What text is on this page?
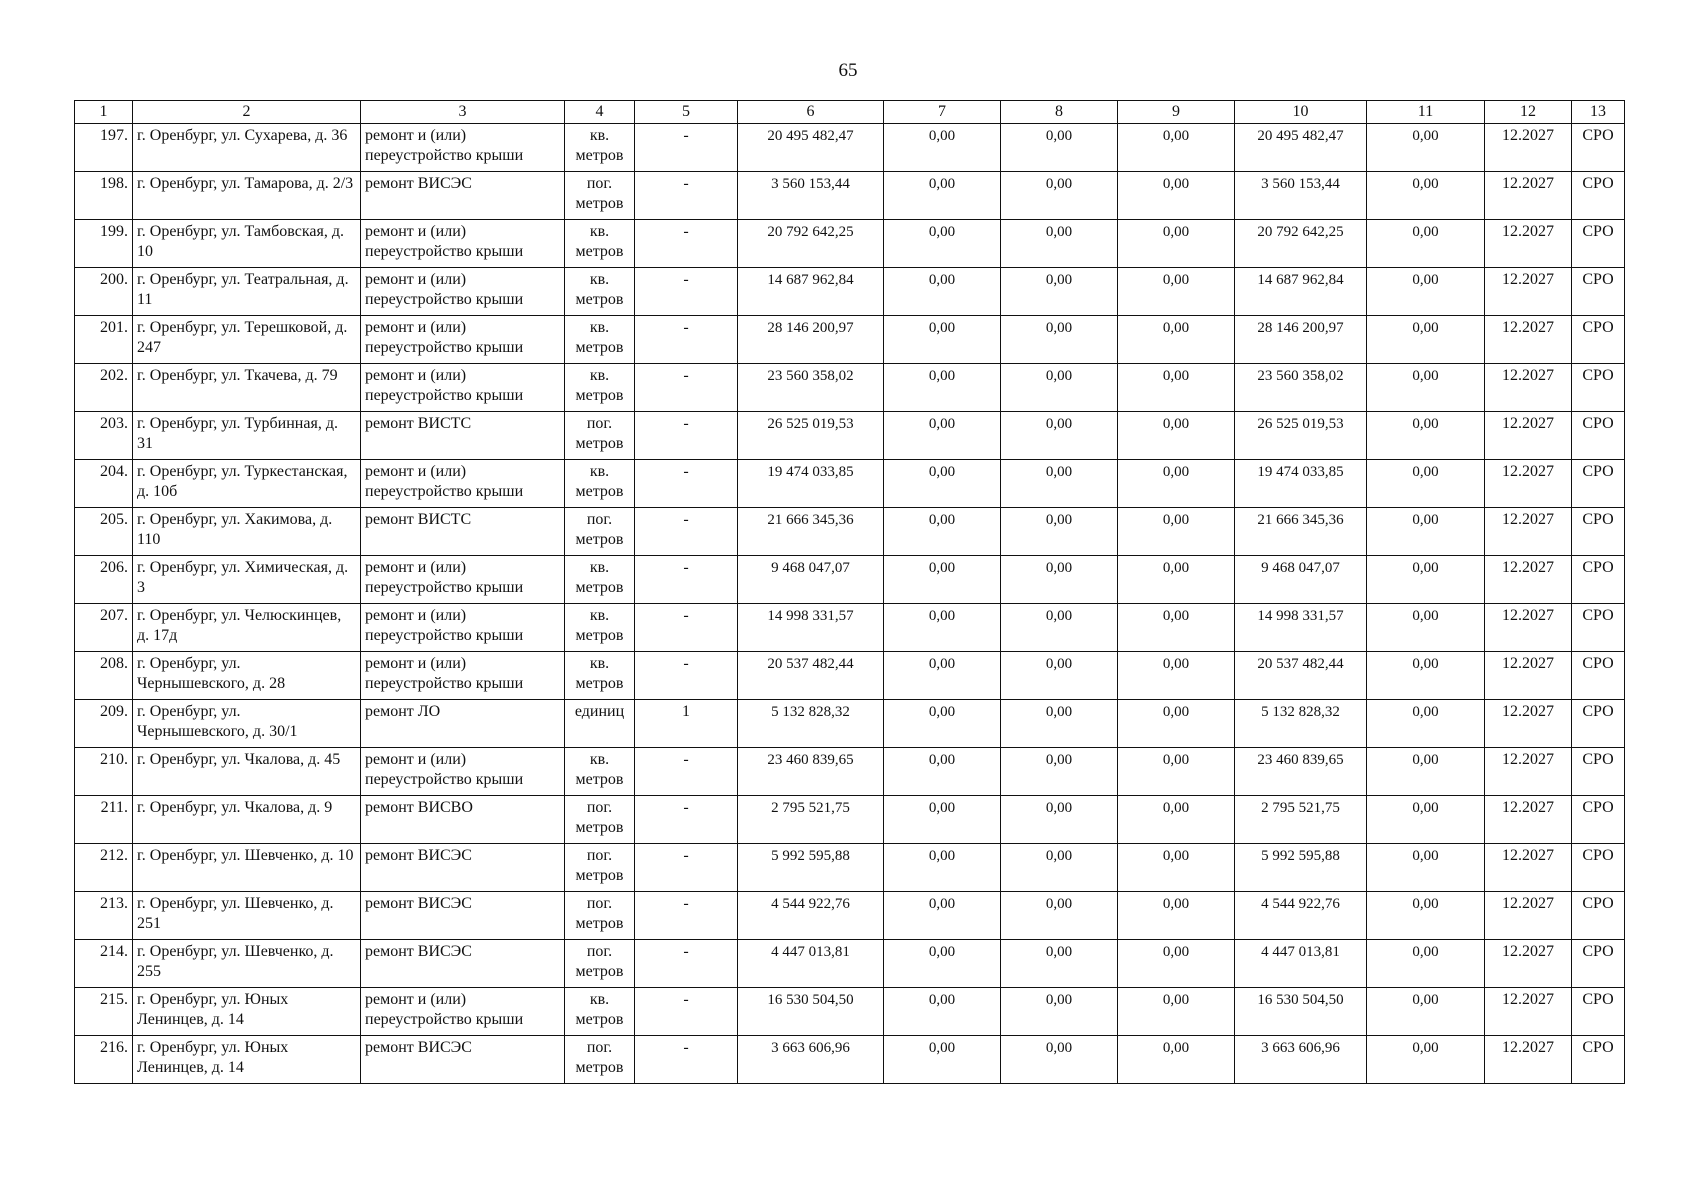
65
1	2	3	4	5	6	7	8	9	10	11	12	13
197.	г. Оренбург, ул. Сухарева, д. 36	ремонт и (или) переустройство крыши	кв. метров	-	20 495 482,47	0,00	0,00	0,00	20 495 482,47	0,00	12.2027	СРО
198.	г. Оренбург, ул. Тамарова, д. 2/3	ремонт ВИСЭС	пог. метров	-	3 560 153,44	0,00	0,00	0,00	3 560 153,44	0,00	12.2027	СРО
199.	г. Оренбург, ул. Тамбовская, д. 10	ремонт и (или) переустройство крыши	кв. метров	-	20 792 642,25	0,00	0,00	0,00	20 792 642,25	0,00	12.2027	СРО
200.	г. Оренбург, ул. Театральная, д. 11	ремонт и (или) переустройство крыши	кв. метров	-	14 687 962,84	0,00	0,00	0,00	14 687 962,84	0,00	12.2027	СРО
201.	г. Оренбург, ул. Терешковой, д. 247	ремонт и (или) переустройство крыши	кв. метров	-	28 146 200,97	0,00	0,00	0,00	28 146 200,97	0,00	12.2027	СРО
202.	г. Оренбург, ул. Ткачева, д. 79	ремонт и (или) переустройство крыши	кв. метров	-	23 560 358,02	0,00	0,00	0,00	23 560 358,02	0,00	12.2027	СРО
203.	г. Оренбург, ул. Турбинная, д. 31	ремонт ВИСТС	пог. метров	-	26 525 019,53	0,00	0,00	0,00	26 525 019,53	0,00	12.2027	СРО
204.	г. Оренбург, ул. Туркестанская, д. 10б	ремонт и (или) переустройство крыши	кв. метров	-	19 474 033,85	0,00	0,00	0,00	19 474 033,85	0,00	12.2027	СРО
205.	г. Оренбург, ул. Хакимова, д. 110	ремонт ВИСТС	пог. метров	-	21 666 345,36	0,00	0,00	0,00	21 666 345,36	0,00	12.2027	СРО
206.	г. Оренбург, ул. Химическая, д. 3	ремонт и (или) переустройство крыши	кв. метров	-	9 468 047,07	0,00	0,00	0,00	9 468 047,07	0,00	12.2027	СРО
207.	г. Оренбург, ул. Челюскинцев, д. 17д	ремонт и (или) переустройство крыши	кв. метров	-	14 998 331,57	0,00	0,00	0,00	14 998 331,57	0,00	12.2027	СРО
208.	г. Оренбург, ул. Чернышевского, д. 28	ремонт и (или) переустройство крыши	кв. метров	-	20 537 482,44	0,00	0,00	0,00	20 537 482,44	0,00	12.2027	СРО
209.	г. Оренбург, ул. Чернышевского, д. 30/1	ремонт ЛО	единиц	1	5 132 828,32	0,00	0,00	0,00	5 132 828,32	0,00	12.2027	СРО
210.	г. Оренбург, ул. Чкалова, д. 45	ремонт и (или) переустройство крыши	кв. метров	-	23 460 839,65	0,00	0,00	0,00	23 460 839,65	0,00	12.2027	СРО
211.	г. Оренбург, ул. Чкалова, д. 9	ремонт ВИСВО	пог. метров	-	2 795 521,75	0,00	0,00	0,00	2 795 521,75	0,00	12.2027	СРО
212.	г. Оренбург, ул. Шевченко, д. 10	ремонт ВИСЭС	пог. метров	-	5 992 595,88	0,00	0,00	0,00	5 992 595,88	0,00	12.2027	СРО
213.	г. Оренбург, ул. Шевченко, д. 251	ремонт ВИСЭС	пог. метров	-	4 544 922,76	0,00	0,00	0,00	4 544 922,76	0,00	12.2027	СРО
214.	г. Оренбург, ул. Шевченко, д. 255	ремонт ВИСЭС	пог. метров	-	4 447 013,81	0,00	0,00	0,00	4 447 013,81	0,00	12.2027	СРО
215.	г. Оренбург, ул. Юных Ленинцев, д. 14	ремонт и (или) переустройство крыши	кв. метров	-	16 530 504,50	0,00	0,00	0,00	16 530 504,50	0,00	12.2027	СРО
216.	г. Оренбург, ул. Юных Ленинцев, д. 14	ремонт ВИСЭС	пог. метров	-	3 663 606,96	0,00	0,00	0,00	3 663 606,96	0,00	12.2027	СРО
